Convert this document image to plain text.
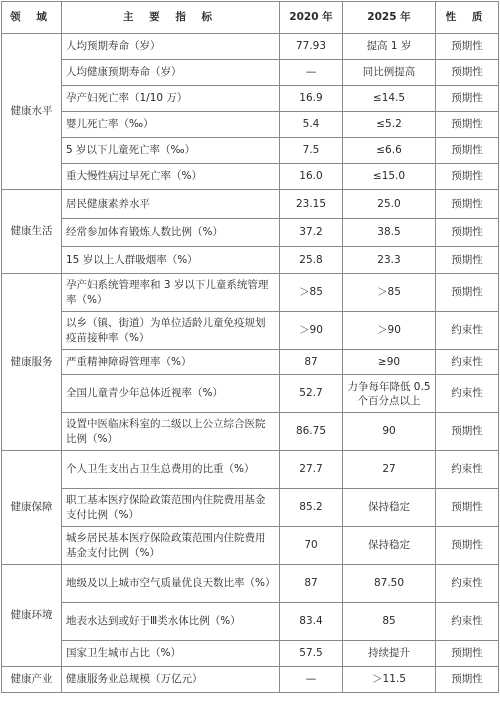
领 域	主 要 指 标	2020 年	2025 年	性 质
健康水平	人均预期寿命（岁）	77.93	提高 1 岁	预期性
	人均健康预期寿命（岁）	—	同比例提高	预期性
	孕产妇死亡率（1/10 万）	16.9	≤14.5	预期性
	婴儿死亡率（‰）	5.4	≤5.2	预期性
	5 岁以下儿童死亡率（‰）	7.5	≤6.6	预期性
	重大慢性病过早死亡率（%）	16.0	≤15.0	预期性
健康生活	居民健康素养水平	23.15	25.0	预期性
	经常参加体育锻炼人数比例（%）	37.2	38.5	预期性
	15 岁以上人群吸烟率（%）	25.8	23.3	预期性
健康服务	孕产妇系统管理率和 3 岁以下儿童系统管理率（%）	＞85	＞85	预期性
	以乡（镇、街道）为单位适龄儿童免疫规划疫苗接种率（%）	＞90	＞90	约束性
	严重精神障碍管理率（%）	87	≥90	约束性
	全国儿童青少年总体近视率（%）	52.7	力争每年降低 0.5 个百分点以上	约束性
	设置中医临床科室的二级以上公立综合医院比例（%）	86.75	90	预期性
健康保障	个人卫生支出占卫生总费用的比重（%）	27.7	27	约束性
	职工基本医疗保险政策范围内住院费用基金支付比例（%）	85.2	保持稳定	预期性
	城乡居民基本医疗保险政策范围内住院费用基金支付比例（%）	70	保持稳定	预期性
健康环境	地级及以上城市空气质量优良天数比率（%）	87	87.50	约束性
	地表水达到或好于Ⅲ类水体比例（%）	83.4	85	约束性
	国家卫生城市占比（%）	57.5	持续提升	预期性
健康产业	健康服务业总规模（万亿元）	—	＞11.5	预期性
